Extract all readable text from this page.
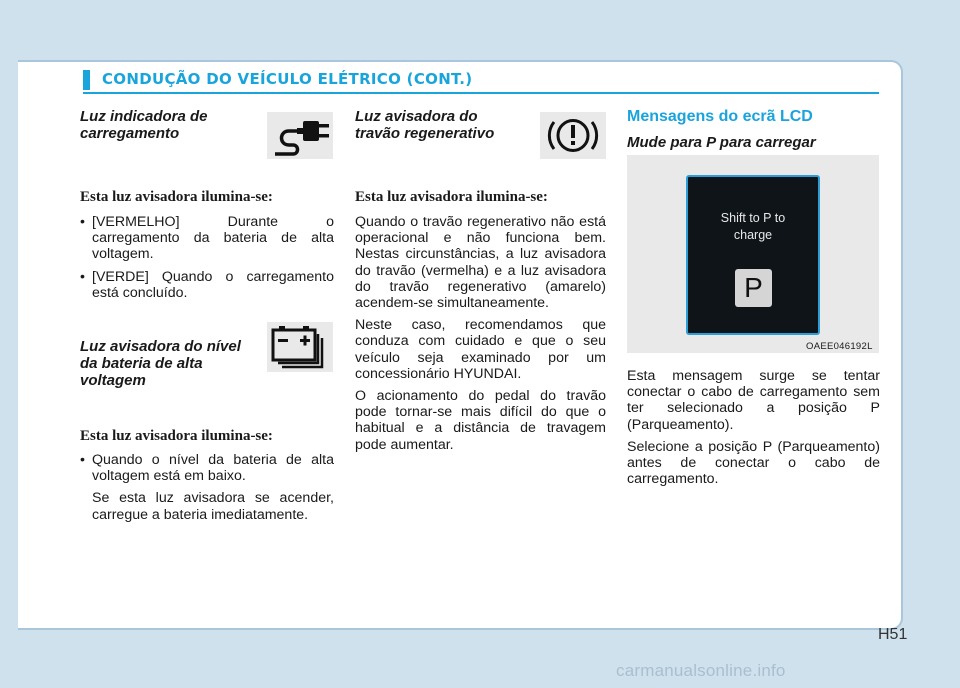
CONDUÇÃO DO VEÍCULO ELÉTRICO (CONT.)

Luz indicadora de
carregamento

Esta luz avisadora ilumina-se:

• [VERMELHO] Durante o carregamento da bateria de alta voltagem.
• [VERDE] Quando o carregamento está concluído.

Luz avisadora do nível
da bateria de alta
voltagem

Esta luz avisadora ilumina-se:

• Quando o nível da bateria de alta voltagem está em baixo.

Se esta luz avisadora se acender, carregue a bateria imediatamente.

Luz avisadora do
travão regenerativo

Esta luz avisadora ilumina-se:

Quando o travão regenerativo não está operacional e não funciona bem. Nestas circunstâncias, a luz avisadora do travão (vermelha) e a luz avisadora do travão regenerativo (amarelo) acendem-se simultaneamente.

Neste caso, recomendamos que conduza com cuidado e que o seu veículo seja examinado por um concessionário HYUNDAI.

O acionamento do pedal do travão pode tornar-se mais difícil do que o habitual e a distância de travagem pode aumentar.

Mensagens do ecrã LCD

Mude para P para carregar

Shift to P to
charge
P
OAEE046192L

Esta mensagem surge se tentar conectar o cabo de carregamento sem ter selecionado a posição P (Parqueamento).

Selecione a posição P (Parqueamento) antes de conectar o cabo de carregamento.

H51
carmanualsonline.info
